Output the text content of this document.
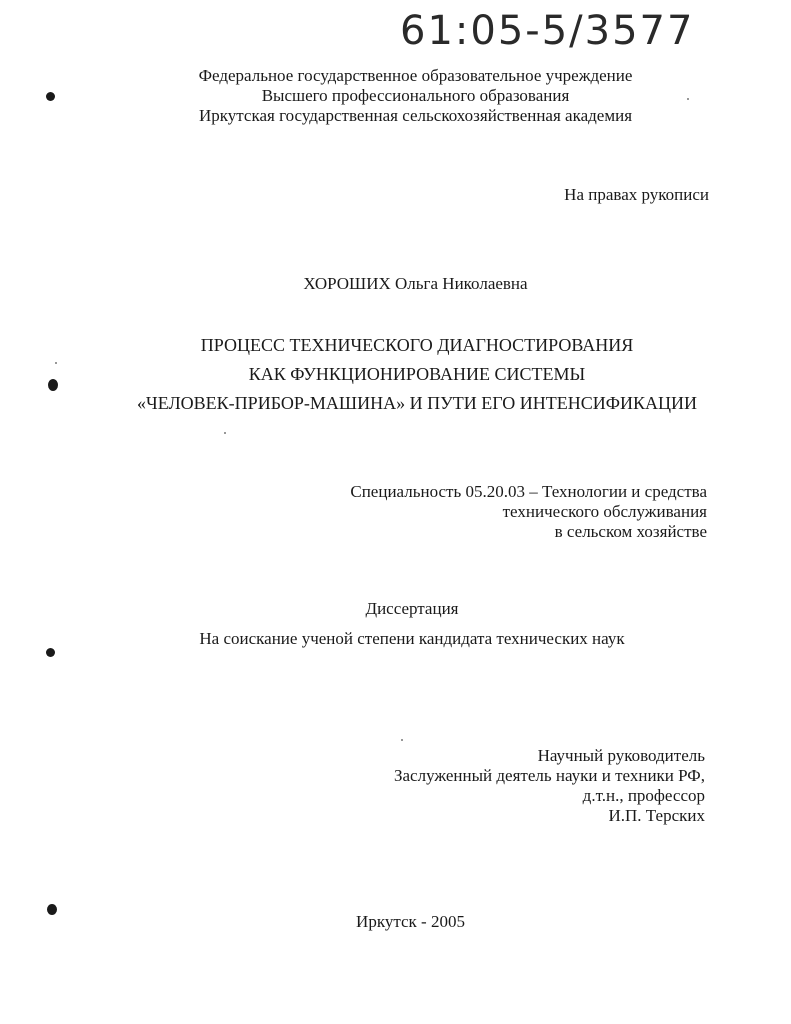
61:05-5/3577
Федеральное государственное образовательное учреждение
Высшего профессионального образования
Иркутская государственная сельскохозяйственная академия
На правах рукописи
ХОРОШИХ Ольга Николаевна
ПРОЦЕСС ТЕХНИЧЕСКОГО ДИАГНОСТИРОВАНИЯ
КАК ФУНКЦИОНИРОВАНИЕ СИСТЕМЫ
«ЧЕЛОВЕК-ПРИБОР-МАШИНА» И ПУТИ ЕГО ИНТЕНСИФИКАЦИИ
Специальность 05.20.03 – Технологии и средства
технического обслуживания
в сельском хозяйстве
Диссертация
На соискание ученой степени кандидата технических наук
Научный руководитель
Заслуженный деятель науки и техники РФ,
д.т.н., профессор
И.П. Терских
Иркутск - 2005
